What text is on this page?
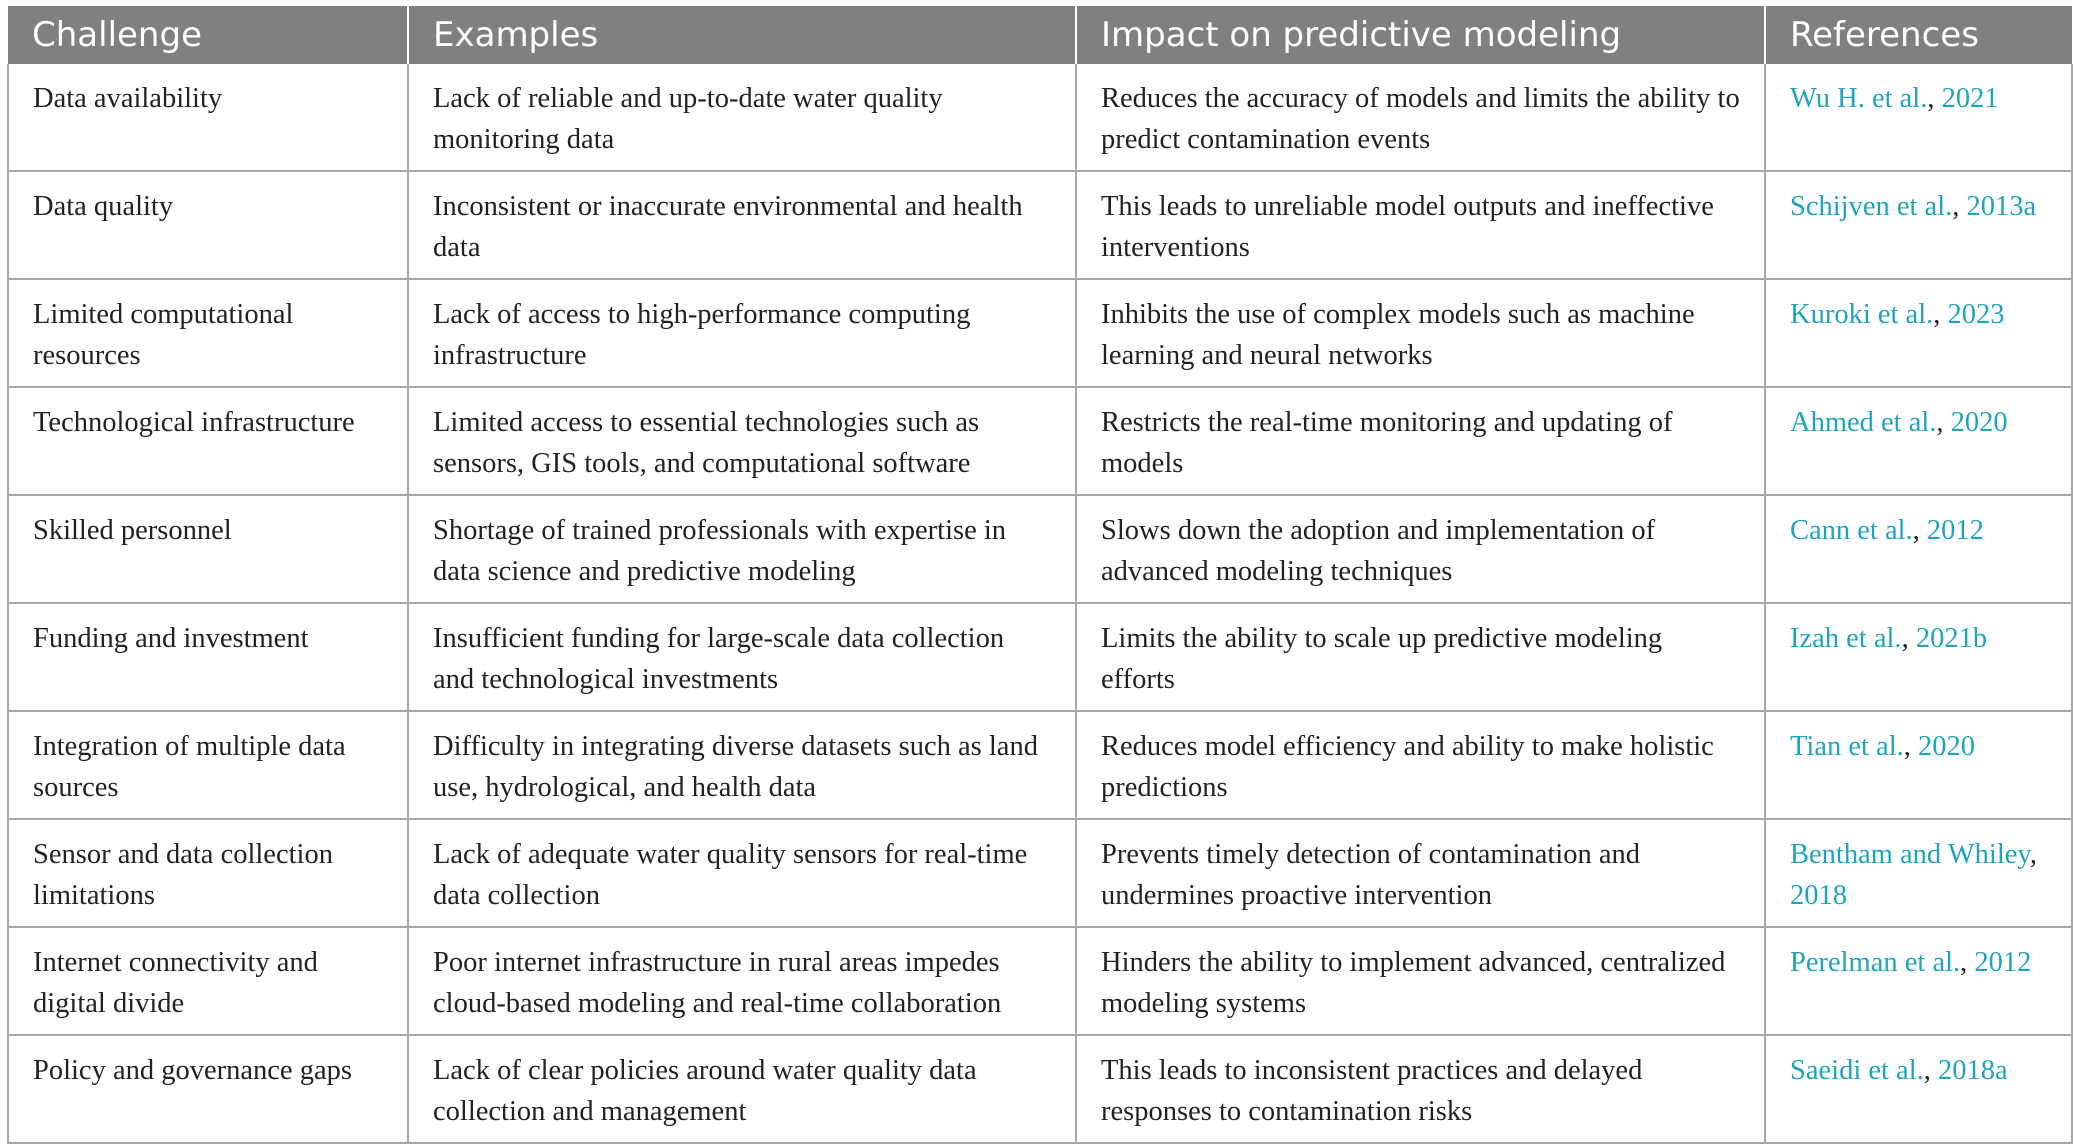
Challenge	Examples	Impact on predictive modeling	References
Data availability	Lack of reliable and up-to-date water quality monitoring data	Reduces the accuracy of models and limits the ability to predict contamination events	Wu H. et al., 2021
Data quality	Inconsistent or inaccurate environmental and health data	This leads to unreliable model outputs and ineffective interventions	Schijven et al., 2013a
Limited computational resources	Lack of access to high-performance computing infrastructure	Inhibits the use of complex models such as machine learning and neural networks	Kuroki et al., 2023
Technological infrastructure	Limited access to essential technologies such as sensors, GIS tools, and computational software	Restricts the real-time monitoring and updating of models	Ahmed et al., 2020
Skilled personnel	Shortage of trained professionals with expertise in data science and predictive modeling	Slows down the adoption and implementation of advanced modeling techniques	Cann et al., 2012
Funding and investment	Insufficient funding for large-scale data collection and technological investments	Limits the ability to scale up predictive modeling efforts	Izah et al., 2021b
Integration of multiple data sources	Difficulty in integrating diverse datasets such as land use, hydrological, and health data	Reduces model efficiency and ability to make holistic predictions	Tian et al., 2020
Sensor and data collection limitations	Lack of adequate water quality sensors for real-time data collection	Prevents timely detection of contamination and undermines proactive intervention	Bentham and Whiley, 2018
Internet connectivity and digital divide	Poor internet infrastructure in rural areas impedes cloud-based modeling and real-time collaboration	Hinders the ability to implement advanced, centralized modeling systems	Perelman et al., 2012
Policy and governance gaps	Lack of clear policies around water quality data collection and management	This leads to inconsistent practices and delayed responses to contamination risks	Saeidi et al., 2018a
